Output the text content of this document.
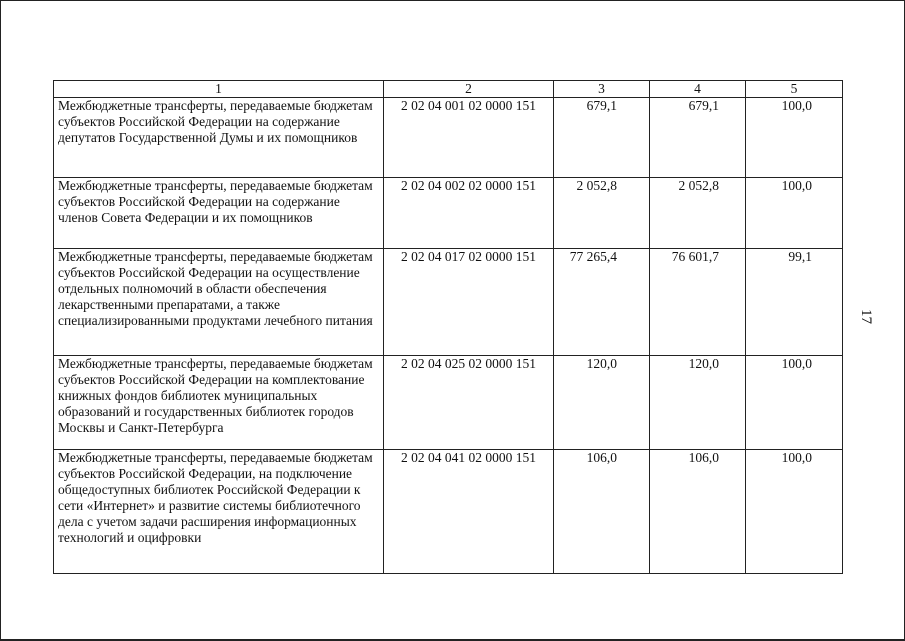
1	2	3	4	5
Межбюджетные трансферты, передаваемые бюджетам субъектов Российской Федерации на содержание депутатов Государственной Думы и их помощников	2 02 04 001 02 0000 151	679,1	679,1	100,0
Межбюджетные трансферты, передаваемые бюджетам субъектов Российской Федерации на содержание членов Совета Федерации и их помощников	2 02 04 002 02 0000 151	2 052,8	2 052,8	100,0
Межбюджетные трансферты, передаваемые бюджетам субъектов Российской Федерации на осуществление отдельных полномочий в области обеспечения лекарственными препаратами, а также специализированными продуктами лечебного питания	2 02 04 017 02 0000 151	77 265,4	76 601,7	99,1
Межбюджетные трансферты, передаваемые бюджетам субъектов Российской Федерации на комплектование книжных фондов библиотек муниципальных образований и государственных библиотек городов Москвы и Санкт-Петербурга	2 02 04 025 02 0000 151	120,0	120,0	100,0
Межбюджетные трансферты, передаваемые бюджетам субъектов Российской Федерации, на подключение общедоступных библиотек Российской Федерации к сети «Интернет» и развитие системы библиотечного дела с учетом задачи расширения информационных технологий и оцифровки	2 02 04 041 02 0000 151	106,0	106,0	100,0
17
